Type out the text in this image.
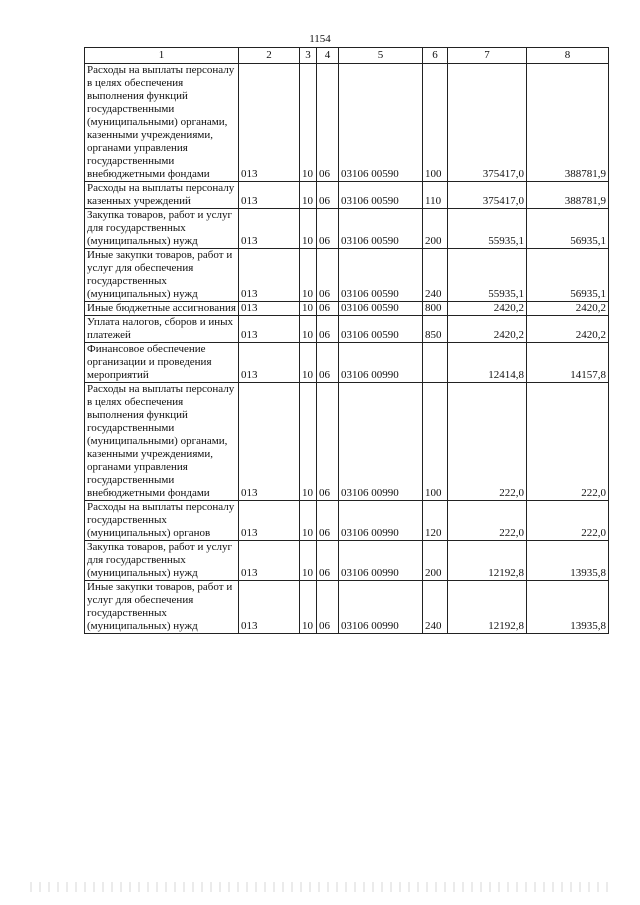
1154
1	2	3	4	5	6	7	8
Расходы на выплаты персоналу в целях обеспечения выполнения функций государственными (муниципальными) органами, казенными учреждениями, органами управления государственными внебюджетными фондами	013	10	06	03106 00590	100	375417,0	388781,9
Расходы на выплаты персоналу казенных учреждений	013	10	06	03106 00590	110	375417,0	388781,9
Закупка товаров, работ и услуг для государственных (муниципальных) нужд	013	10	06	03106 00590	200	55935,1	56935,1
Иные закупки товаров, работ и услуг для обеспечения государственных (муниципальных) нужд	013	10	06	03106 00590	240	55935,1	56935,1
Иные бюджетные ассигнования	013	10	06	03106 00590	800	2420,2	2420,2
Уплата налогов, сборов и иных платежей	013	10	06	03106 00590	850	2420,2	2420,2
Финансовое обеспечение организации и проведения мероприятий	013	10	06	03106 00990		12414,8	14157,8
Расходы на выплаты персоналу в целях обеспечения выполнения функций государственными (муниципальными) органами, казенными учреждениями, органами управления государственными внебюджетными фондами	013	10	06	03106 00990	100	222,0	222,0
Расходы на выплаты персоналу государственных (муниципальных) органов	013	10	06	03106 00990	120	222,0	222,0
Закупка товаров, работ и услуг для государственных (муниципальных) нужд	013	10	06	03106 00990	200	12192,8	13935,8
Иные закупки товаров, работ и услуг для обеспечения государственных (муниципальных) нужд	013	10	06	03106 00990	240	12192,8	13935,8
